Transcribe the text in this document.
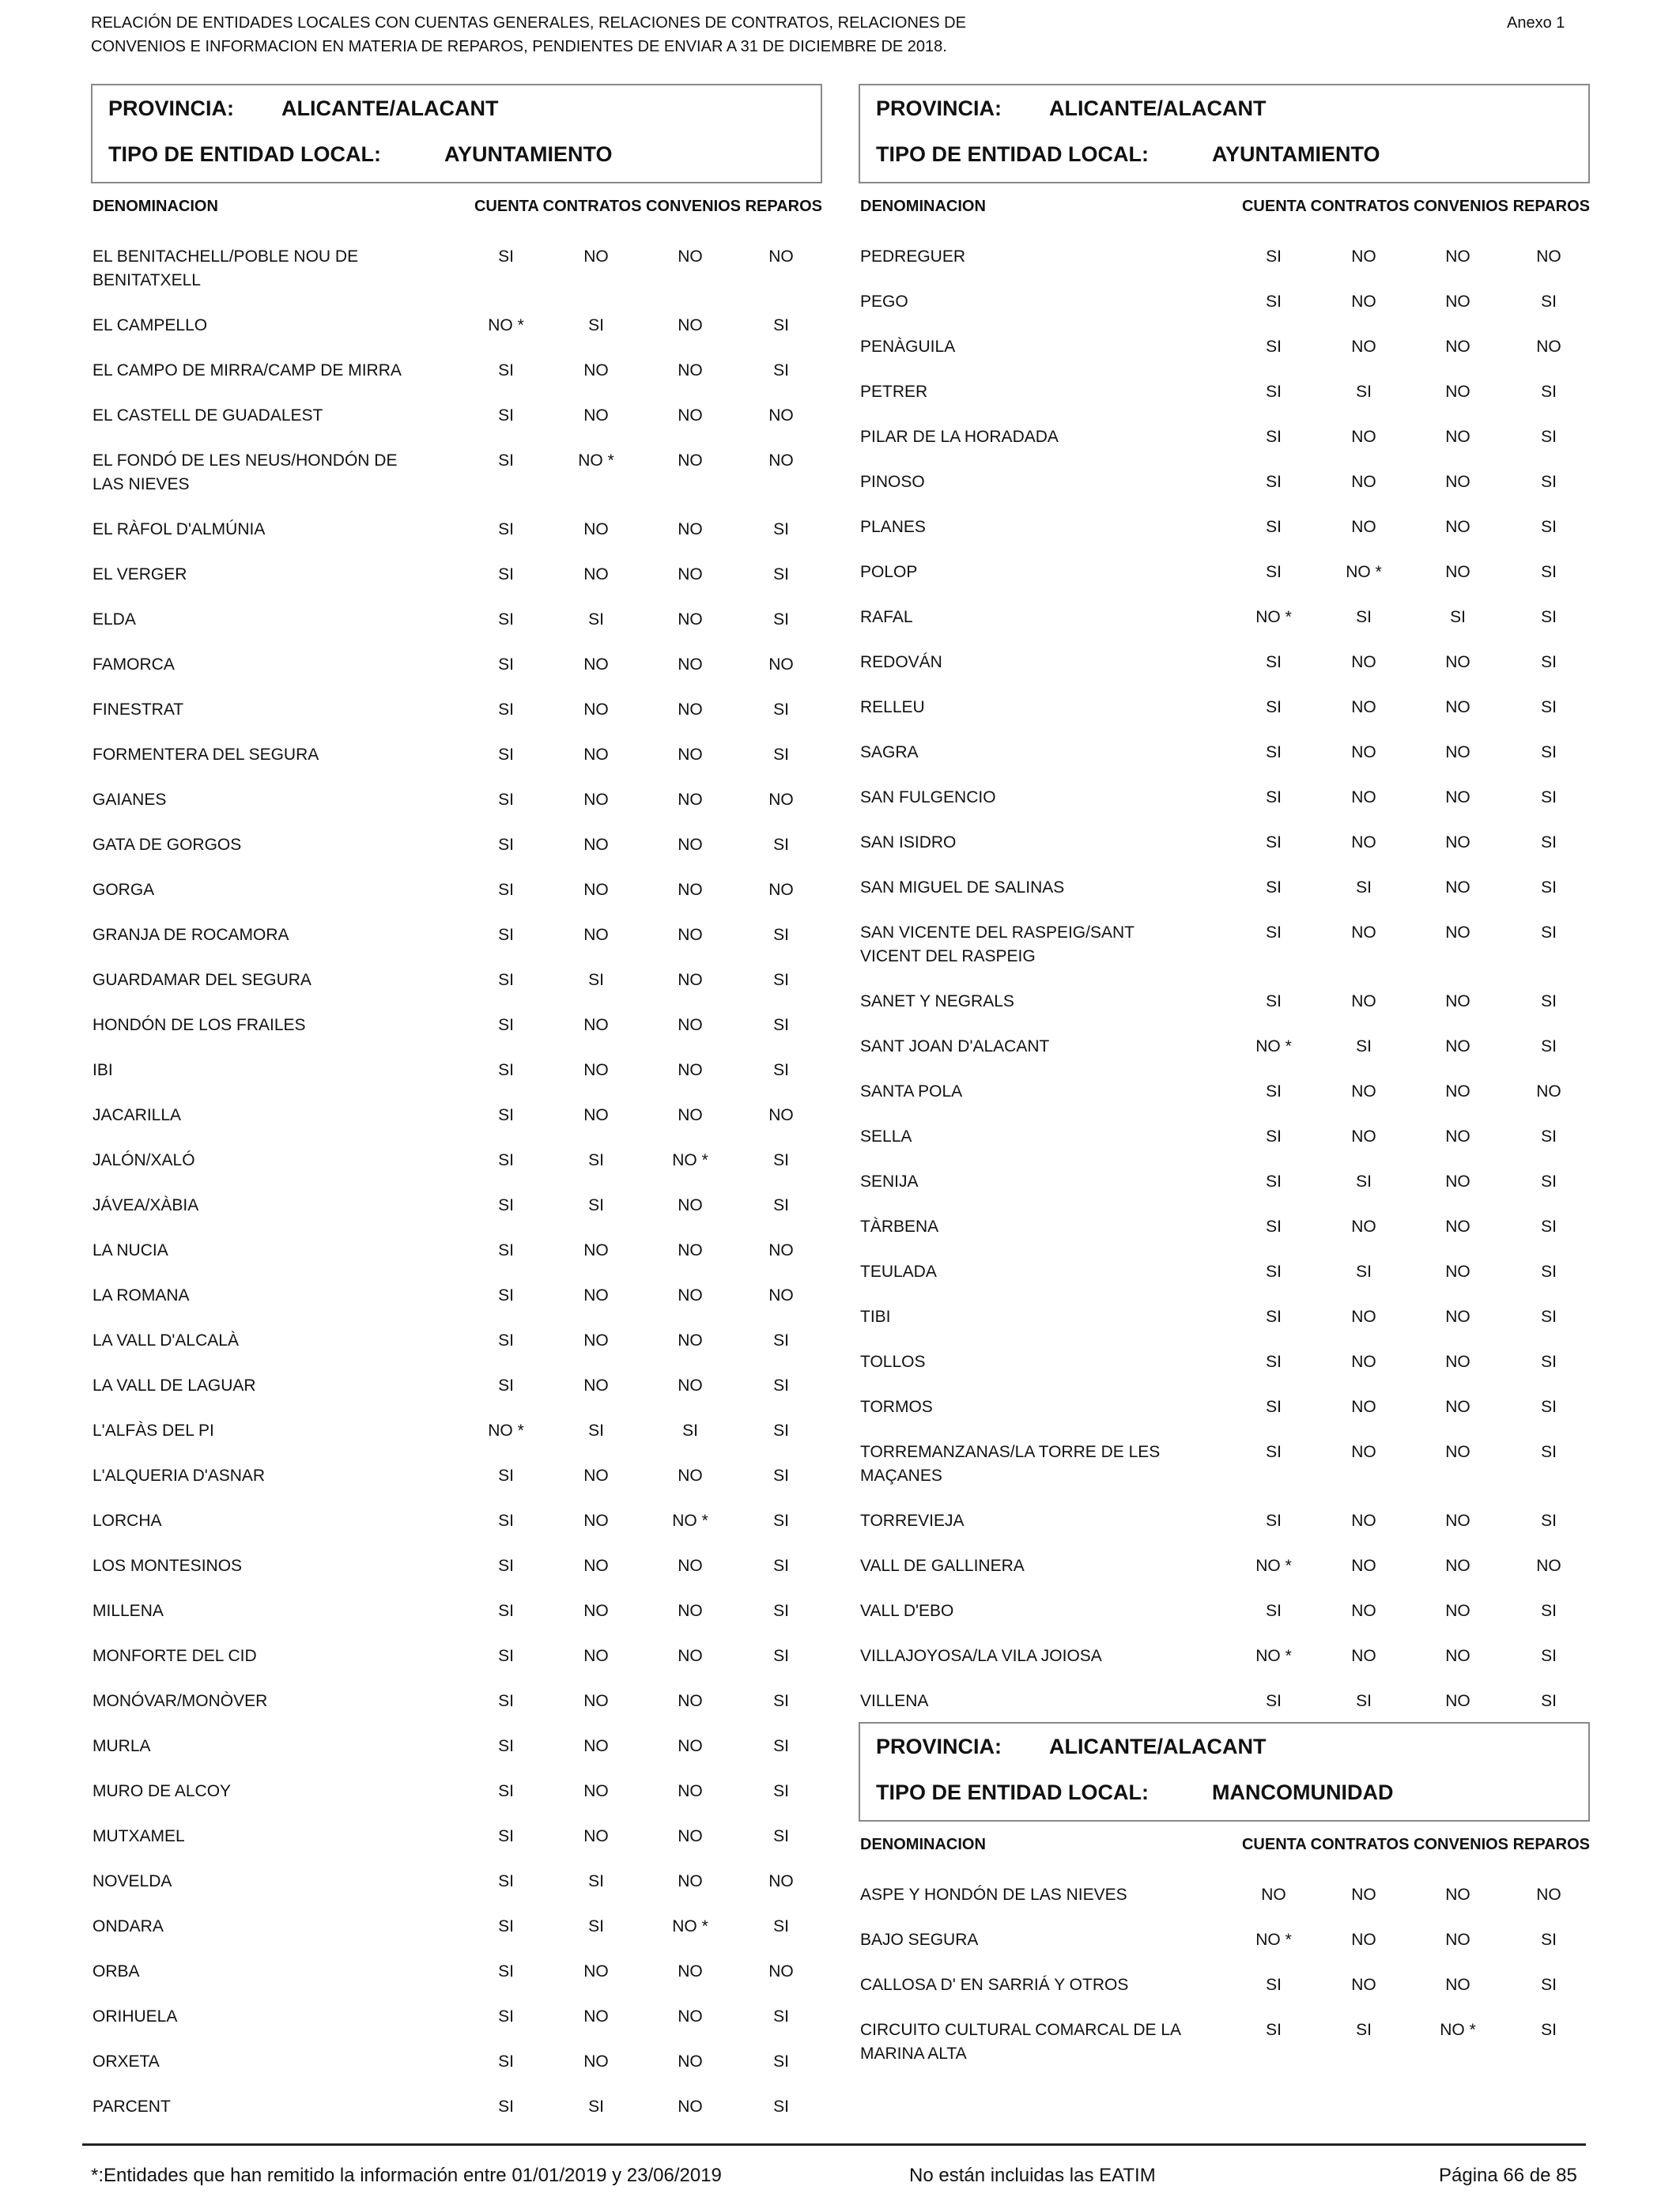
RELACIÓN DE ENTIDADES LOCALES CON CUENTAS GENERALES, RELACIONES DE CONTRATOS, RELACIONES DE
CONVENIOS E INFORMACION EN MATERIA DE REPAROS, PENDIENTES DE ENVIAR A 31 DE DICIEMBRE DE 2018.
Anexo 1
PROVINCIA: ALICANTE/ALACANT
TIPO DE ENTIDAD LOCAL:	AYUNTAMIENTO
DENOMINACION	CUENTA CONTRATOS CONVENIOS REPAROS
EL BENITACHELL/POBLE NOU DE BENITATXELL
SI	NO	NO	NO
EL CAMPELLO	NO *	SI	NO	SI
EL CAMPO DE MIRRA/CAMP DE MIRRA	SI	NO	NO	SI
EL CASTELL DE GUADALEST	SI	NO	NO	NO
EL FONDÓ DE LES NEUS/HONDÓN DE LAS NIEVES
SI	NO *	NO	NO
EL RÀFOL D'ALMÚNIA	SI	NO	NO	SI
EL VERGER	SI	NO	NO	SI
ELDA	SI	SI	NO	SI
FAMORCA	SI	NO	NO	NO
FINESTRAT	SI	NO	NO	SI
FORMENTERA DEL SEGURA	SI	NO	NO	SI
GAIANES	SI	NO	NO	NO
GATA DE GORGOS	SI	NO	NO	SI
GORGA	SI	NO	NO	NO
GRANJA DE ROCAMORA	SI	NO	NO	SI
GUARDAMAR DEL SEGURA	SI	SI	NO	SI
HONDÓN DE LOS FRAILES	SI	NO	NO	SI
IBI	SI	NO	NO	SI
JACARILLA	SI	NO	NO	NO
JALÓN/XALÓ	SI	SI	NO *	SI
JÁVEA/XÀBIA	SI	SI	NO	SI
LA NUCIA	SI	NO	NO	NO
LA ROMANA	SI	NO	NO	NO
LA VALL D'ALCALÀ	SI	NO	NO	SI
LA VALL DE LAGUAR	SI	NO	NO	SI
L'ALFÀS DEL PI	NO *	SI	SI	SI
L'ALQUERIA D'ASNAR	SI	NO	NO	SI
LORCHA	SI	NO	NO *	SI
LOS MONTESINOS	SI	NO	NO	SI
MILLENA	SI	NO	NO	SI
MONFORTE DEL CID	SI	NO	NO	SI
MONÓVAR/MONÒVER	SI	NO	NO	SI
MURLA	SI	NO	NO	SI
MURO DE ALCOY	SI	NO	NO	SI
MUTXAMEL	SI	NO	NO	SI
NOVELDA	SI	SI	NO	NO
ONDARA	SI	SI	NO *	SI
ORBA	SI	NO	NO	NO
ORIHUELA	SI	NO	NO	SI
ORXETA	SI	NO	NO	SI
PARCENT	SI	SI	NO	SI
PROVINCIA: ALICANTE/ALACANT
TIPO DE ENTIDAD LOCAL:	AYUNTAMIENTO
DENOMINACION	CUENTA CONTRATOS CONVENIOS REPAROS
PEDREGUER	SI	NO	NO	NO
PEGO	SI	NO	NO	SI
PENÀGUILA	SI	NO	NO	NO
PETRER	SI	SI	NO	SI
PILAR DE LA HORADADA	SI	NO	NO	SI
PINOSO	SI	NO	NO	SI
PLANES	SI	NO	NO	SI
POLOP	SI	NO *	NO	SI
RAFAL	NO *	SI	SI	SI
REDOVÁN	SI	NO	NO	SI
RELLEU	SI	NO	NO	SI
SAGRA	SI	NO	NO	SI
SAN FULGENCIO	SI	NO	NO	SI
SAN ISIDRO	SI	NO	NO	SI
SAN MIGUEL DE SALINAS	SI	SI	NO	SI
SAN VICENTE DEL RASPEIG/SANT VICENT DEL RASPEIG
SI	NO	NO	SI
SANET Y NEGRALS	SI	NO	NO	SI
SANT JOAN D'ALACANT	NO *	SI	NO	SI
SANTA POLA	SI	NO	NO	NO
SELLA	SI	NO	NO	SI
SENIJA	SI	SI	NO	SI
TÀRBENA	SI	NO	NO	SI
TEULADA	SI	SI	NO	SI
TIBI	SI	NO	NO	SI
TOLLOS	SI	NO	NO	SI
TORMOS	SI	NO	NO	SI
TORREMANZANAS/LA TORRE DE LES MAÇANES
SI	NO	NO	SI
TORREVIEJA	SI	NO	NO	SI
VALL DE GALLINERA	NO *	NO	NO	NO
VALL D'EBO	SI	NO	NO	SI
VILLAJOYOSA/LA VILA JOIOSA	NO *	NO	NO	SI
VILLENA	SI	SI	NO	SI
PROVINCIA: ALICANTE/ALACANT
TIPO DE ENTIDAD LOCAL:	MANCOMUNIDAD
DENOMINACION	CUENTA CONTRATOS CONVENIOS REPAROS
ASPE Y HONDÓN DE LAS NIEVES	NO	NO	NO	NO
BAJO SEGURA	NO *	NO	NO	SI
CALLOSA D' EN SARRIÁ Y OTROS	SI	NO	NO	SI
CIRCUITO CULTURAL COMARCAL DE LA MARINA ALTA
SI	SI	NO *	SI
*:Entidades que han remitido la información entre 01/01/2019 y 23/06/2019	No están incluidas las EATIM	Página 66 de 85
